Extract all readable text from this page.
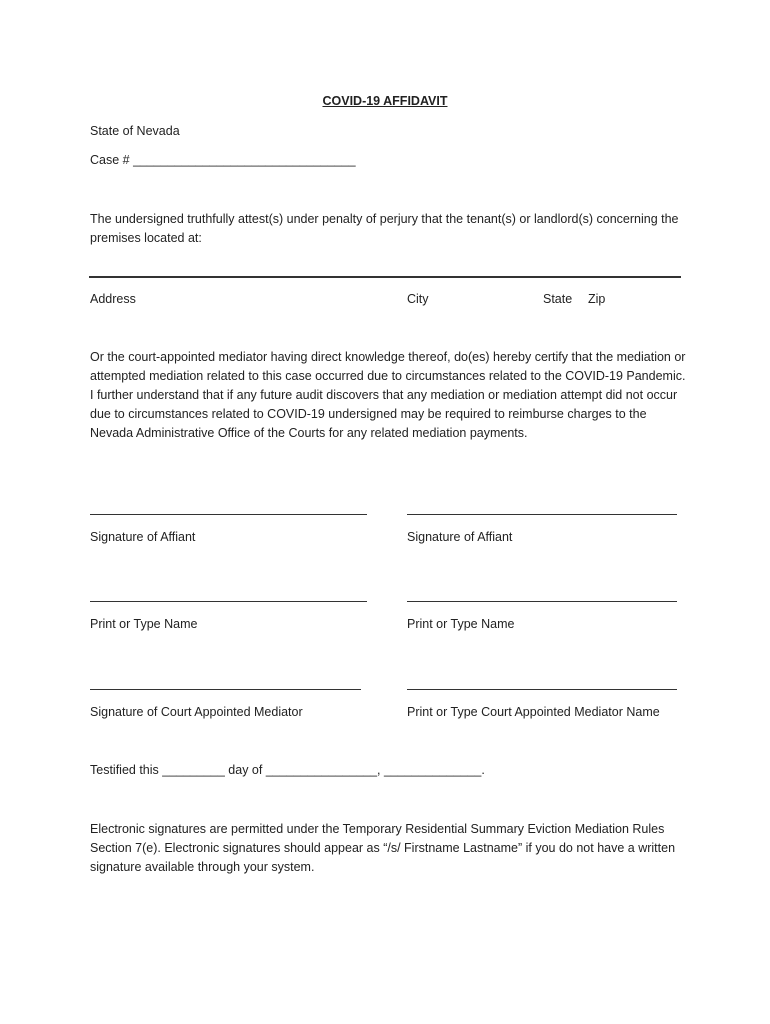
COVID-19 AFFIDAVIT
State of Nevada
Case # ________________________________
The undersigned truthfully attest(s) under penalty of perjury that the tenant(s) or landlord(s) concerning the premises located at:
Address	City	State Zip
Or the court-appointed mediator having direct knowledge thereof, do(es) hereby certify that the mediation or attempted mediation related to this case occurred due to circumstances related to the COVID-19 Pandemic. I further understand that if any future audit discovers that any mediation or mediation attempt did not occur due to circumstances related to COVID-19 undersigned may be required to reimburse charges to the Nevada Administrative Office of the Courts for any related mediation payments.
Signature of Affiant	Signature of Affiant
Print or Type Name	Print or Type Name
Signature of Court Appointed Mediator	Print or Type Court Appointed Mediator Name
Testified this _________ day of ________________, ______________.
Electronic signatures are permitted under the Temporary Residential Summary Eviction Mediation Rules Section 7(e). Electronic signatures should appear as “/s/ Firstname Lastname” if you do not have a written signature available through your system.
